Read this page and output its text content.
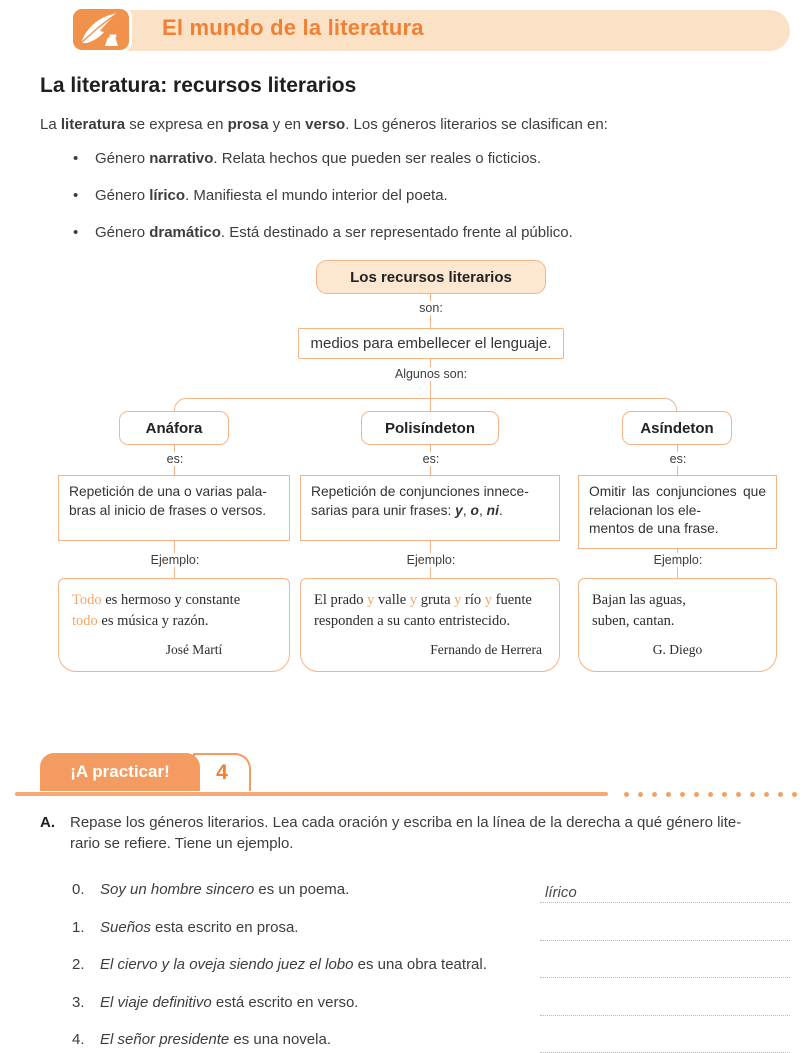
El mundo de la literatura
La literatura: recursos literarios

La literatura se expresa en prosa y en verso. Los géneros literarios se clasifican en:

• Género narrativo. Relata hechos que pueden ser reales o ficticios.
• Género lírico. Manifiesta el mundo interior del poeta.
• Género dramático. Está destinado a ser representado frente al público.
Los recursos literarios
son:
medios para embellecer el lenguaje.
Algunos son:
Anáfora	Polisíndeton	Asíndeton
es:	es:	es:
Repetición de una o varias pala-
bras al inicio de frases o versos.
Repetición de conjunciones innece-
sarias para unir frases: y, o, ni.
Omitir las conjunciones que relacionan los ele-
mentos de una frase.
Ejemplo:	Ejemplo:	Ejemplo:
Todo es hermoso y constante
todo es música y razón.
José Martí
El prado y valle y gruta y río y fuente
responden a su canto entristecido.
Fernando de Herrera
Bajan las aguas,
suben, cantan.
G. Diego
¡A practicar!	4
A.	Repase los géneros literarios. Lea cada oración y escriba en la línea de la derecha a qué género lite-
rario se refiere. Tiene un ejemplo.
0.	Soy un hombre sincero es un poema.	lírico
1.	Sueños esta escrito en prosa.
2.	El ciervo y la oveja siendo juez el lobo es una obra teatral.
3.	El viaje definitivo está escrito en verso.
4.	El señor presidente es una novela.
